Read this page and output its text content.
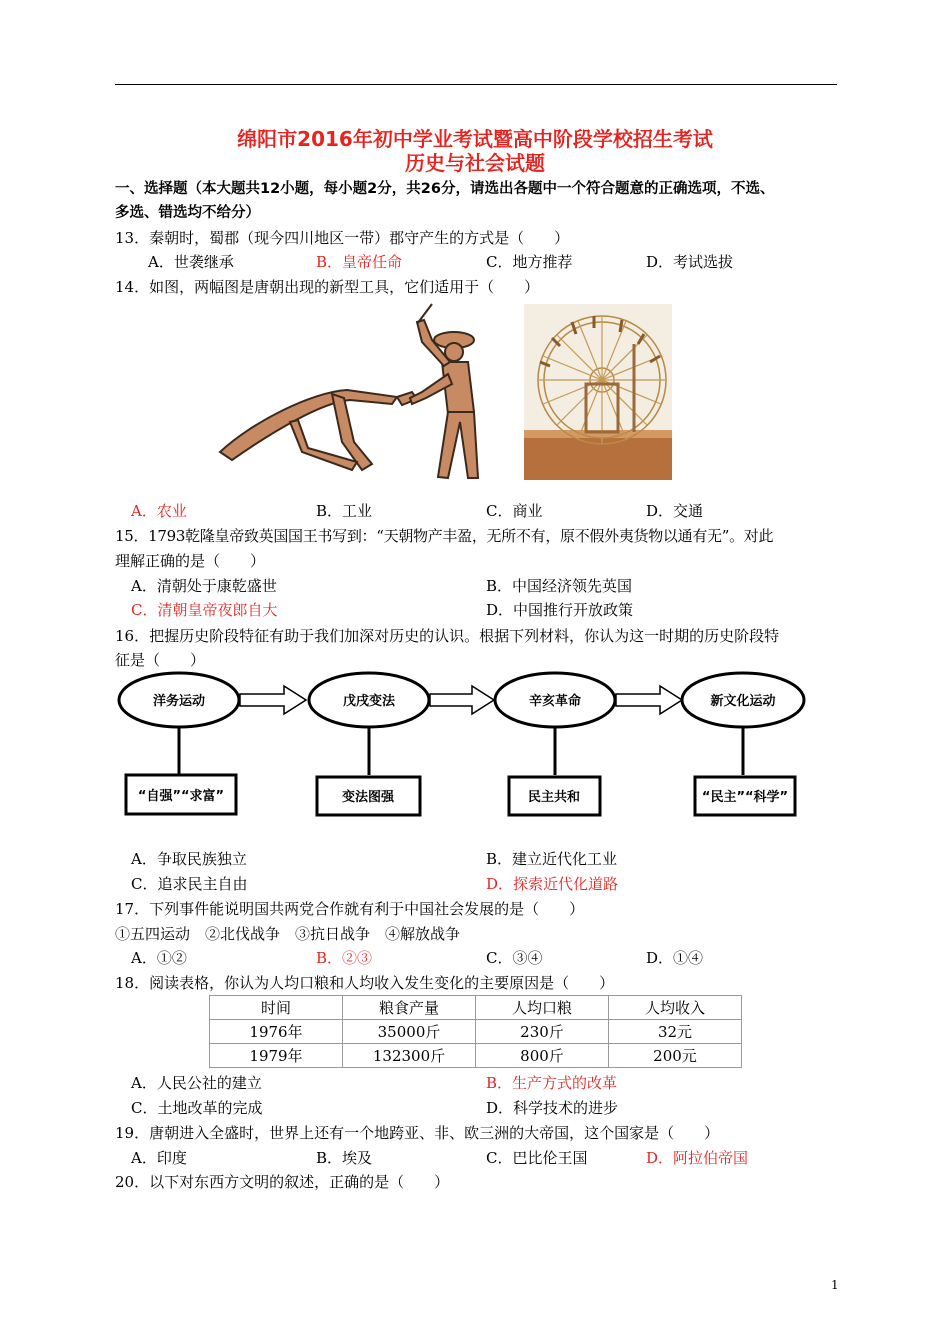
绵阳市2016年初中学业考试暨高中阶段学校招生考试
历史与社会试题
一、选择题（本大题共12小题，每小题2分，共26分，请选出各题中一个符合题意的正确选项，不选、
多选、错选均不给分）
13．秦朝时，蜀郡（现今四川地区一带）郡守产生的方式是（　　）
A．世袭继承	B．皇帝任命	C．地方推荐	D．考试选拔
14．如图，两幅图是唐朝出现的新型工具，它们适用于（　　）
A．农业	B．工业	C．商业	D．交通
15．1793乾隆皇帝致英国国王书写到：“天朝物产丰盈，无所不有，原不假外夷货物以通有无”。对此
理解正确的是（　　）
A．清朝处于康乾盛世	B．中国经济领先英国
C．清朝皇帝夜郎自大	D．中国推行开放政策
16．把握历史阶段特征有助于我们加深对历史的认识。根据下列材料，你认为这一时期的历史阶段特
征是（　　）
洋务运动	戊戌变法	辛亥革命	新文化运动
“自强”“求富”	变法图强	民主共和	“民主”“科学”
A．争取民族独立	B．建立近代化工业
C．追求民主自由	D．探索近代化道路
17．下列事件能说明国共两党合作就有利于中国社会发展的是（　　）
①五四运动　②北伐战争　③抗日战争　④解放战争
A．①②	B．②③	C．③④	D．①④
18．阅读表格，你认为人均口粮和人均收入发生变化的主要原因是（　　）
时间	粮食产量	人均口粮	人均收入
1976年	35000斤	230斤	32元
1979年	132300斤	800斤	200元
A．人民公社的建立	B．生产方式的改革
C．土地改革的完成	D．科学技术的进步
19．唐朝进入全盛时，世界上还有一个地跨亚、非、欧三洲的大帝国，这个国家是（　　）
A．印度	B．埃及	C．巴比伦王国	D．阿拉伯帝国
20．以下对东西方文明的叙述，正确的是（　　）
1
